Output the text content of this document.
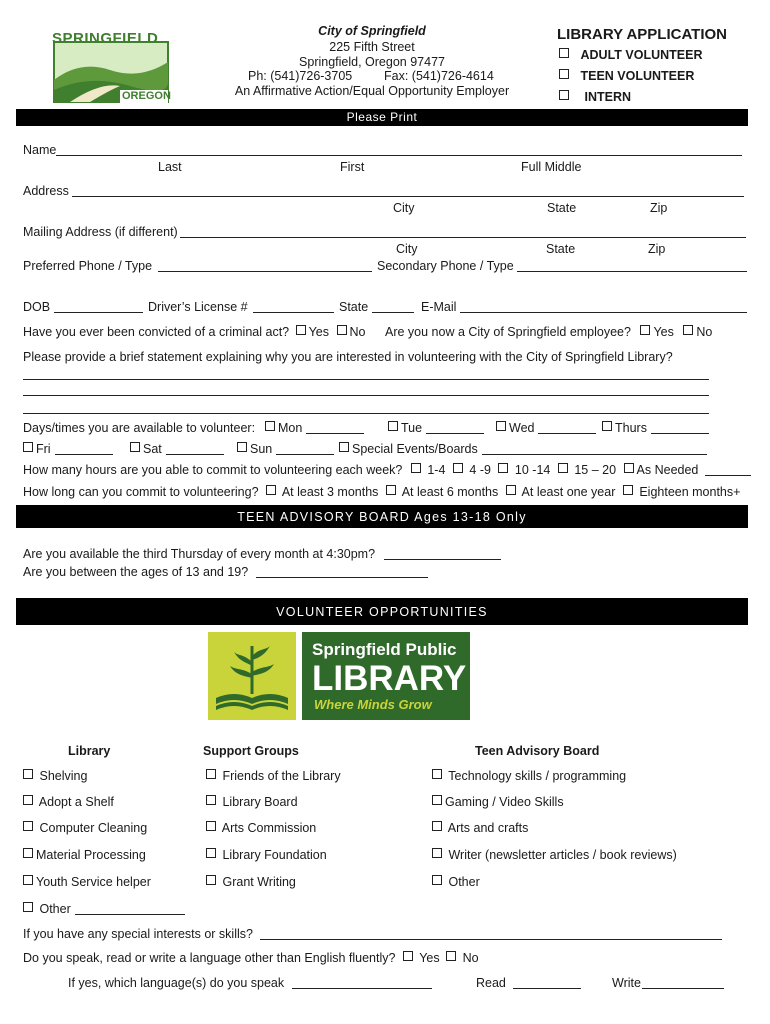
SPRINGFIELD
OREGON
City of Springfield
225 Fifth Street
Springfield, Oregon 97477
Ph: (541)726-3705	Fax: (541)726-4614
An Affirmative Action/Equal Opportunity Employer
LIBRARY APPLICATION
ADULT VOLUNTEER
TEEN VOLUNTEER
INTERN
Please Print
Name
Last	First	Full Middle
Address
City	State	Zip
Mailing Address (if different)
City	State	Zip
Preferred Phone / Type	Secondary Phone / Type
DOB	Driver’s License #	State	E-Mail
Have you ever been convicted of a criminal act? Yes No Are you now a City of Springfield employee? Yes No
Please provide a brief statement explaining why you are interested in volunteering with the City of Springfield Library?
Days/times you are available to volunteer:	Mon	Tue	Wed	Thurs
Fri	Sat	Sun	Special Events/Boards
How many hours are you able to commit to volunteering each week? 1-4 4 -9 10 -14 15 – 20 As Needed
How long can you commit to volunteering? At least 3 months At least 6 months At least one year Eighteen months+
TEEN ADVISORY BOARD Ages 13-18 Only
Are you available the third Thursday of every month at 4:30pm?
Are you between the ages of 13 and 19?
VOLUNTEER OPPORTUNITIES
Springfield Public
LIBRARY
Where Minds Grow
Library	Support Groups	Teen Advisory Board
Shelving
Adopt a Shelf
Computer Cleaning
Material Processing
Youth Service helper
Other
Friends of the Library
Library Board
Arts Commission
Library Foundation
Grant Writing
Technology skills / programming
Gaming / Video Skills
Arts and crafts
Writer (newsletter articles / book reviews)
Other
If you have any special interests or skills?
Do you speak, read or write a language other than English fluently? Yes No
If yes, which language(s) do you speak	Read	Write
